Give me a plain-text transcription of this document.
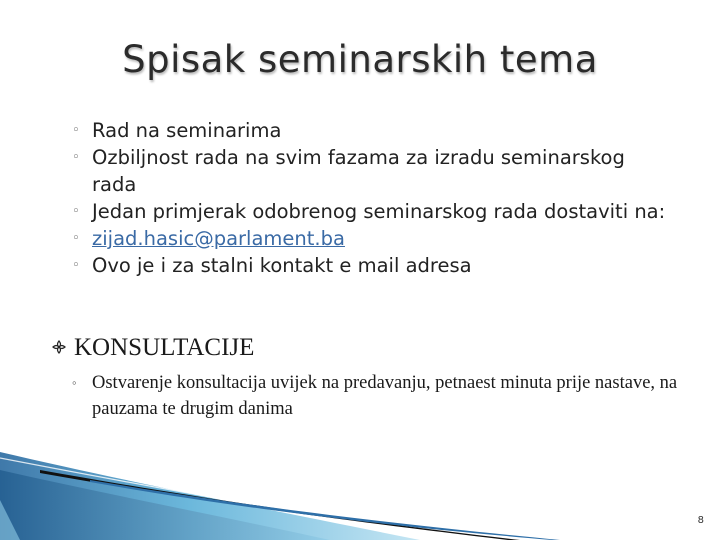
Spisak seminarskih tema
◦ Rad na seminarima
◦ Ozbiljnost rada na svim fazama za izradu seminarskog rada
◦ Jedan primjerak odobrenog seminarskog rada dostaviti na:
◦ zijad.hasic@parlament.ba
◦ Ovo je i za stalni kontakt e mail adresa
KONSULTACIJE
◦ Ostvarenje konsultacija uvijek na predavanju, petnaest minuta prije nastave, na pauzama te drugim danima
8
